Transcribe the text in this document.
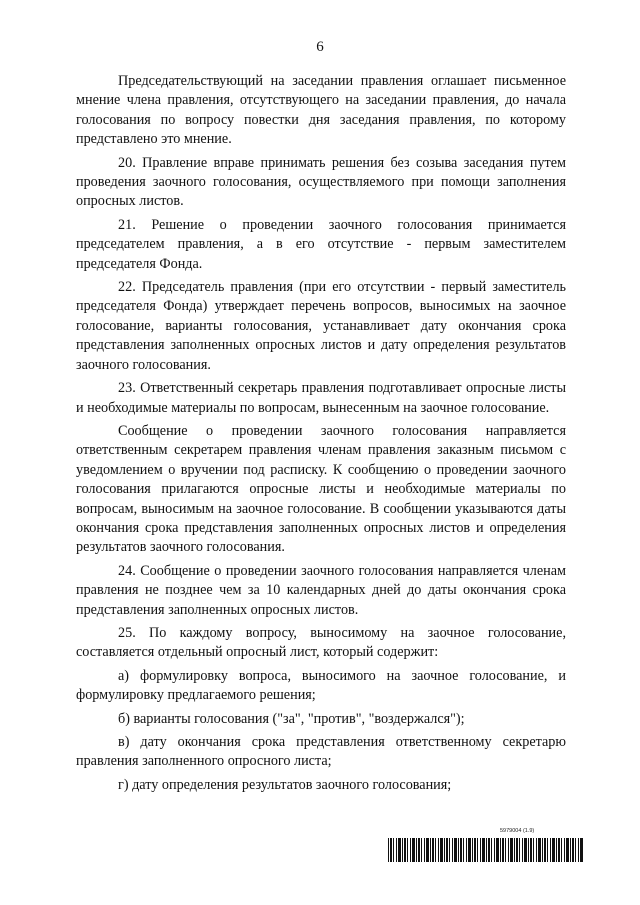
6

Председательствующий на заседании правления оглашает письменное мнение члена правления, отсутствующего на заседании правления, до начала голосования по вопросу повестки дня заседания правления, по которому представлено это мнение.

20. Правление вправе принимать решения без созыва заседания путем проведения заочного голосования, осуществляемого при помощи заполнения опросных листов.

21. Решение о проведении заочного голосования принимается председателем правления, а в его отсутствие - первым заместителем председателя Фонда.

22. Председатель правления (при его отсутствии - первый заместитель председателя Фонда) утверждает перечень вопросов, выносимых на заочное голосование, варианты голосования, устанавливает дату окончания срока представления заполненных опросных листов и дату определения результатов заочного голосования.

23. Ответственный секретарь правления подготавливает опросные листы и необходимые материалы по вопросам, вынесенным на заочное голосование.

Сообщение о проведении заочного голосования направляется ответственным секретарем правления членам правления заказным письмом с уведомлением о вручении под расписку. К сообщению о проведении заочного голосования прилагаются опросные листы и необходимые материалы по вопросам, выносимым на заочное голосование. В сообщении указываются даты окончания срока представления заполненных опросных листов и определения результатов заочного голосования.

24. Сообщение о проведении заочного голосования направляется членам правления не позднее чем за 10 календарных дней до даты окончания срока представления заполненных опросных листов.

25. По каждому вопросу, выносимому на заочное голосование, составляется отдельный опросный лист, который содержит:

а) формулировку вопроса, выносимого на заочное голосование, и формулировку предлагаемого решения;

б) варианты голосования ("за", "против", "воздержался");

в) дату окончания срока представления ответственному секретарю правления заполненного опросного листа;

г) дату определения результатов заочного голосования;

5979004 (1.9)
